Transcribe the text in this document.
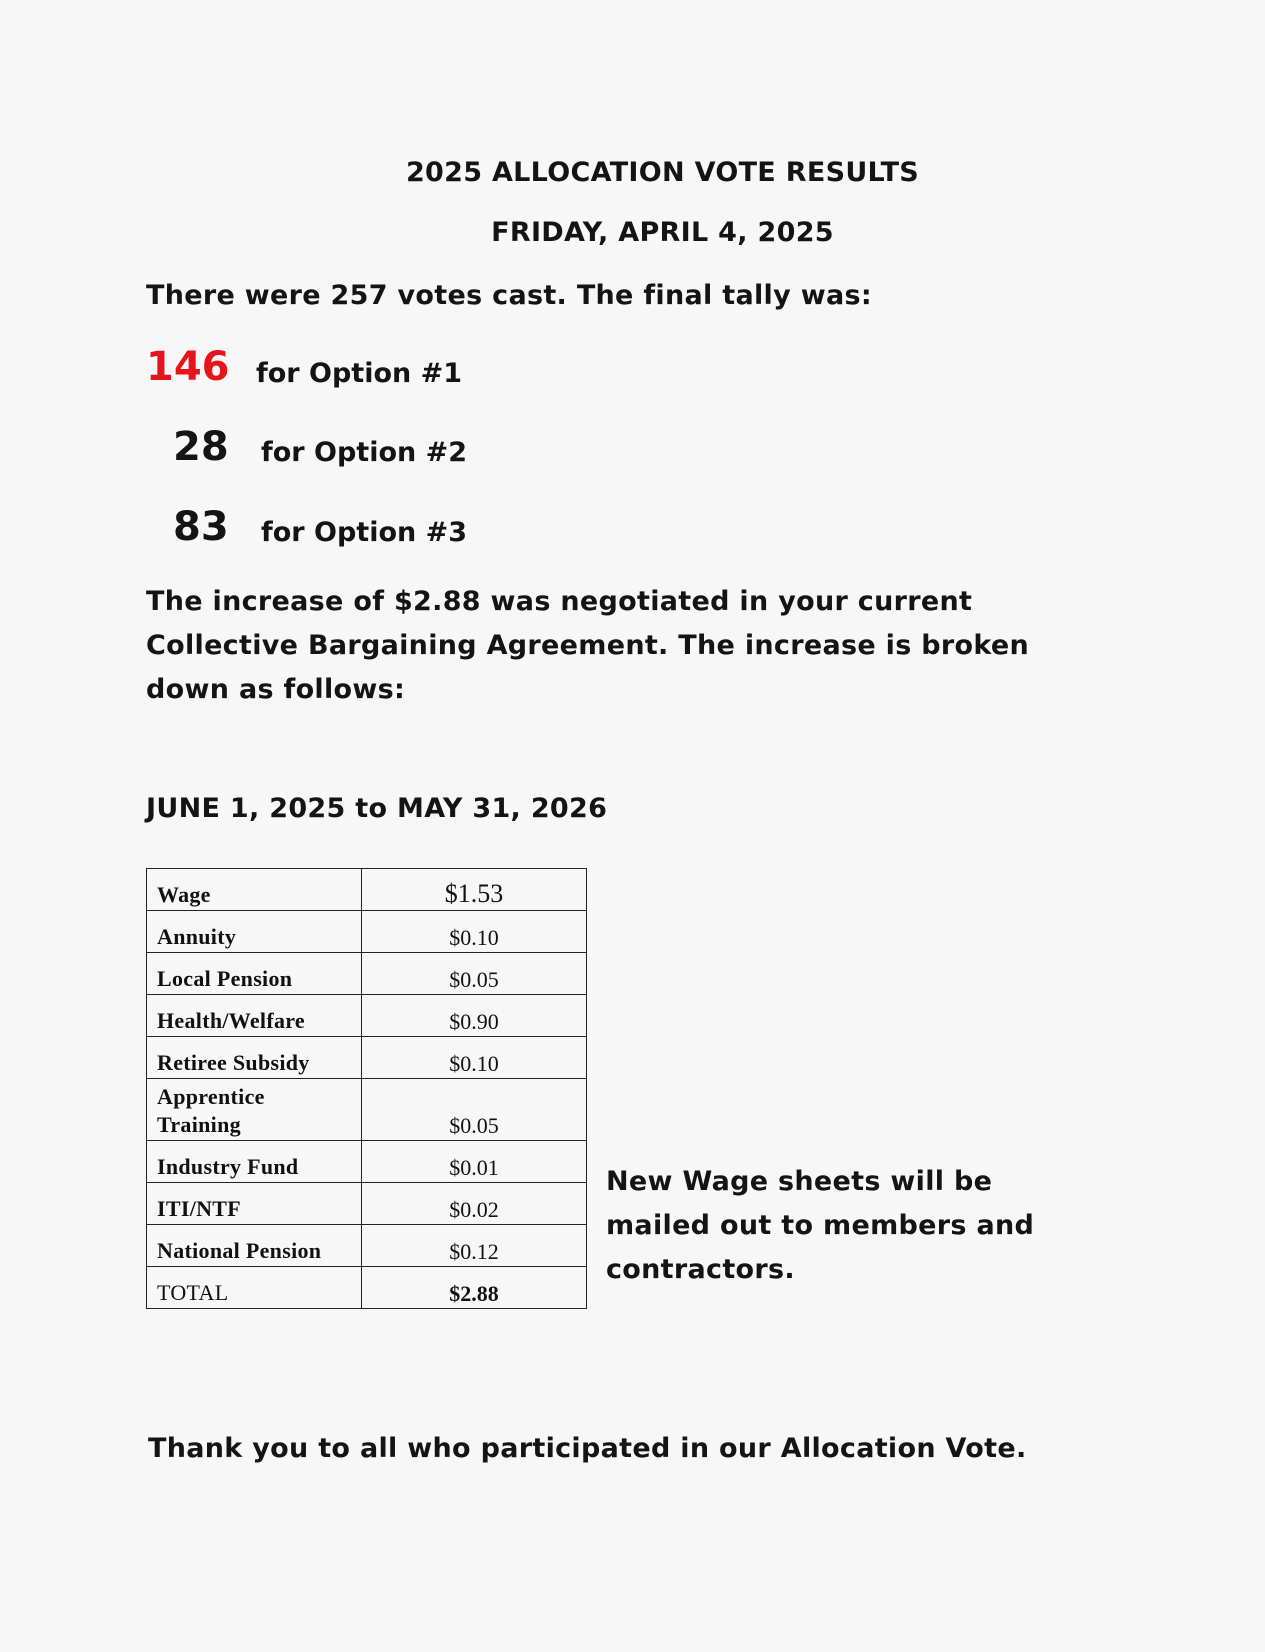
2025 ALLOCATION VOTE RESULTS
FRIDAY, APRIL 4, 2025
There were 257 votes cast. The final tally was:
146 for Option #1
28 for Option #2
83 for Option #3
The increase of $2.88 was negotiated in your current
Collective Bargaining Agreement. The increase is broken
down as follows:
JUNE 1, 2025 to MAY 31, 2026
Wage	$1.53
Annuity	$0.10
Local Pension	$0.05
Health/Welfare	$0.90
Retiree Subsidy	$0.10

Apprentice
Training	$0.05
Industry Fund	$0.01
ITI/NTF	$0.02
National Pension	$0.12
TOTAL	$2.88
New Wage sheets will be
mailed out to members and
contractors.
Thank you to all who participated in our Allocation Vote.
